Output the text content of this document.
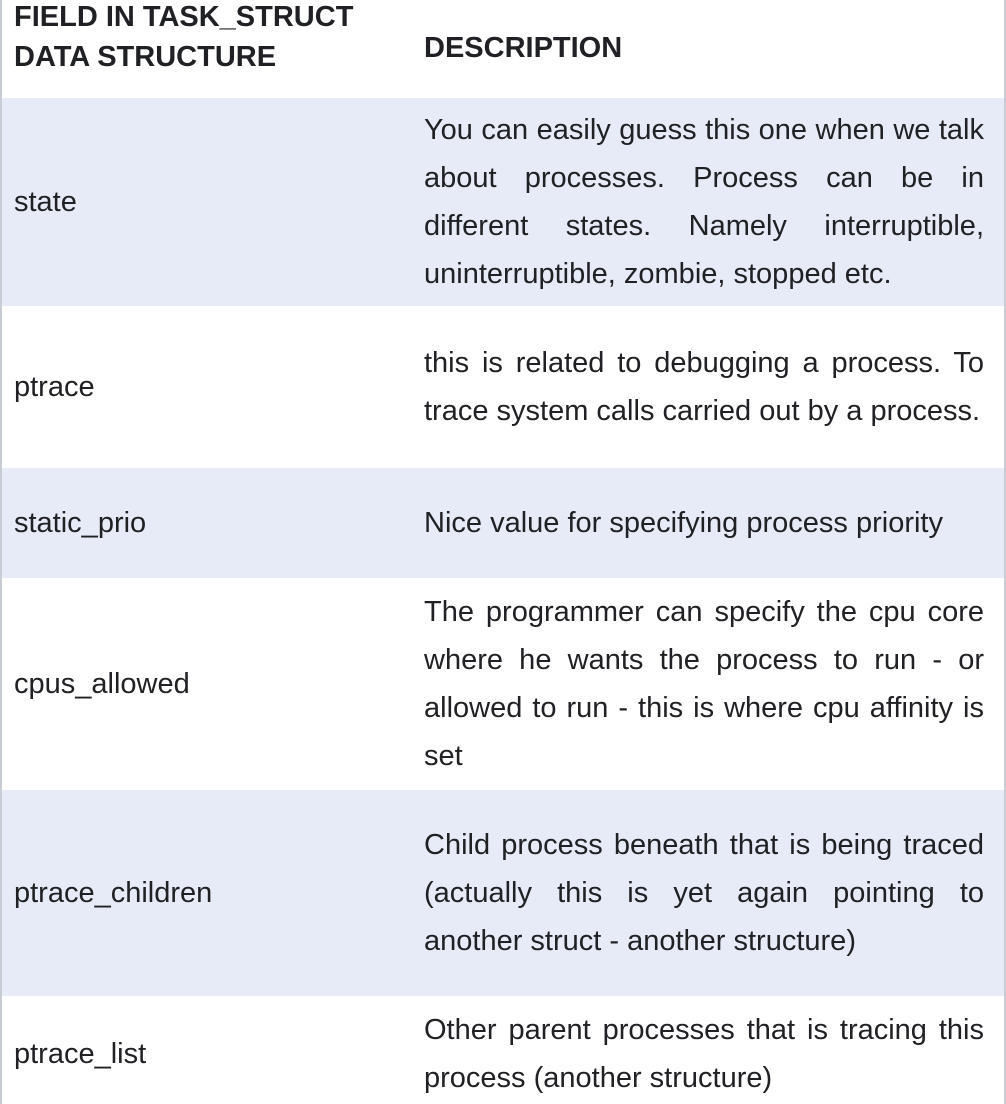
FIELD IN TASK_STRUCT
DATA STRUCTURE	DESCRIPTION
state	You can easily guess this one when we talk about processes. Process can be in different states. Namely interruptible, uninterruptible, zombie, stopped etc.
ptrace	this is related to debugging a process. To trace system calls carried out by a process.
static_prio	Nice value for specifying process priority
cpus_allowed	The programmer can specify the cpu core where he wants the process to run - or allowed to run - this is where cpu affinity is set
ptrace_children	Child process beneath that is being traced (actually this is yet again pointing to another struct - another structure)
ptrace_list	Other parent processes that is tracing this process (another structure)
